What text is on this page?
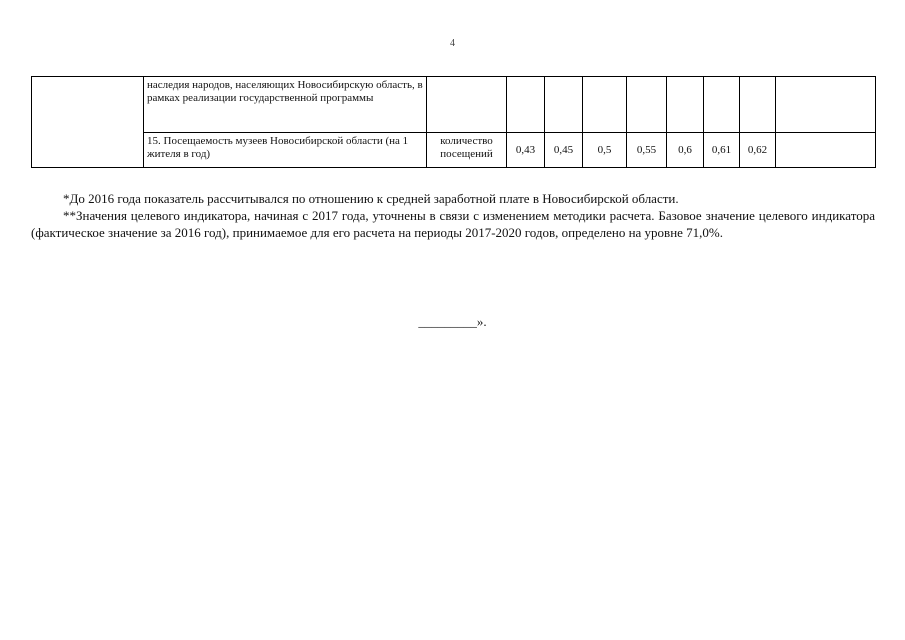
4
	наследия народов, населяющих Новосибирскую область, в рамках реализации государственной программы									
	15. Посещаемость музеев Новосибирской области (на 1 жителя в год)	количество посещений	0,43	0,45	0,5	0,55	0,6	0,61	0,62	

*До 2016 года показатель рассчитывался по отношению к средней заработной плате в Новосибирской области.

**Значения целевого индикатора, начиная с 2017 года, уточнены в связи с изменением методики расчета. Базовое значение целевого индикатора (фактическое значение за 2016 год), принимаемое для его расчета на периоды 2017-2020 годов, определено на уровне 71,0%.

_________».
